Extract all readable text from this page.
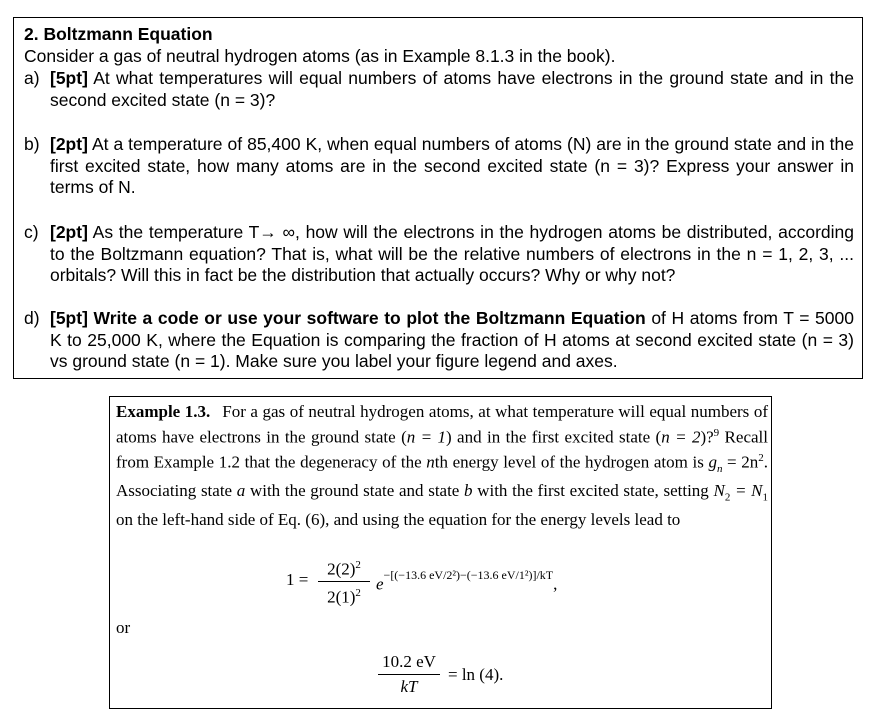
2. Boltzmann Equation
Consider a gas of neutral hydrogen atoms (as in Example 8.1.3 in the book).
a) [5pt] At what temperatures will equal numbers of atoms have electrons in the ground state and in the second excited state (n = 3)?
b) [2pt] At a temperature of 85,400 K, when equal numbers of atoms (N) are in the ground state and in the first excited state, how many atoms are in the second excited state (n = 3)? Express your answer in terms of N.
c) [2pt] As the temperature T→ ∞, how will the electrons in the hydrogen atoms be distributed, according to the Boltzmann equation? That is, what will be the relative numbers of electrons in the n = 1, 2, 3, ... orbitals? Will this in fact be the distribution that actually occurs? Why or why not?
d) [5pt] Write a code or use your software to plot the Boltzmann Equation of H atoms from T = 5000 K to 25,000 K, where the Equation is comparing the fraction of H atoms at second excited state (n = 3) vs ground state (n = 1). Make sure you label your figure legend and axes.
Example 1.3. For a gas of neutral hydrogen atoms, at what temperature will equal numbers of atoms have electrons in the ground state (n = 1) and in the first excited state (n = 2)?$^9$ Recall from Example 1.2 that the degeneracy of the nth energy level of the hydrogen atom is $g_n = 2n^2$. Associating state a with the ground state and state b with the first excited state, setting $N_2 = N_1$ on the left-hand side of Eq. (6), and using the equation for the energy levels lead to
1 =
$2(2)^2$
$2(1)^2$ $e^{-[(-13.6 eV/2^2)-(-13.6 eV/1^2)]/kT}$,
or
10.2 eV
kT
= ln (4).
